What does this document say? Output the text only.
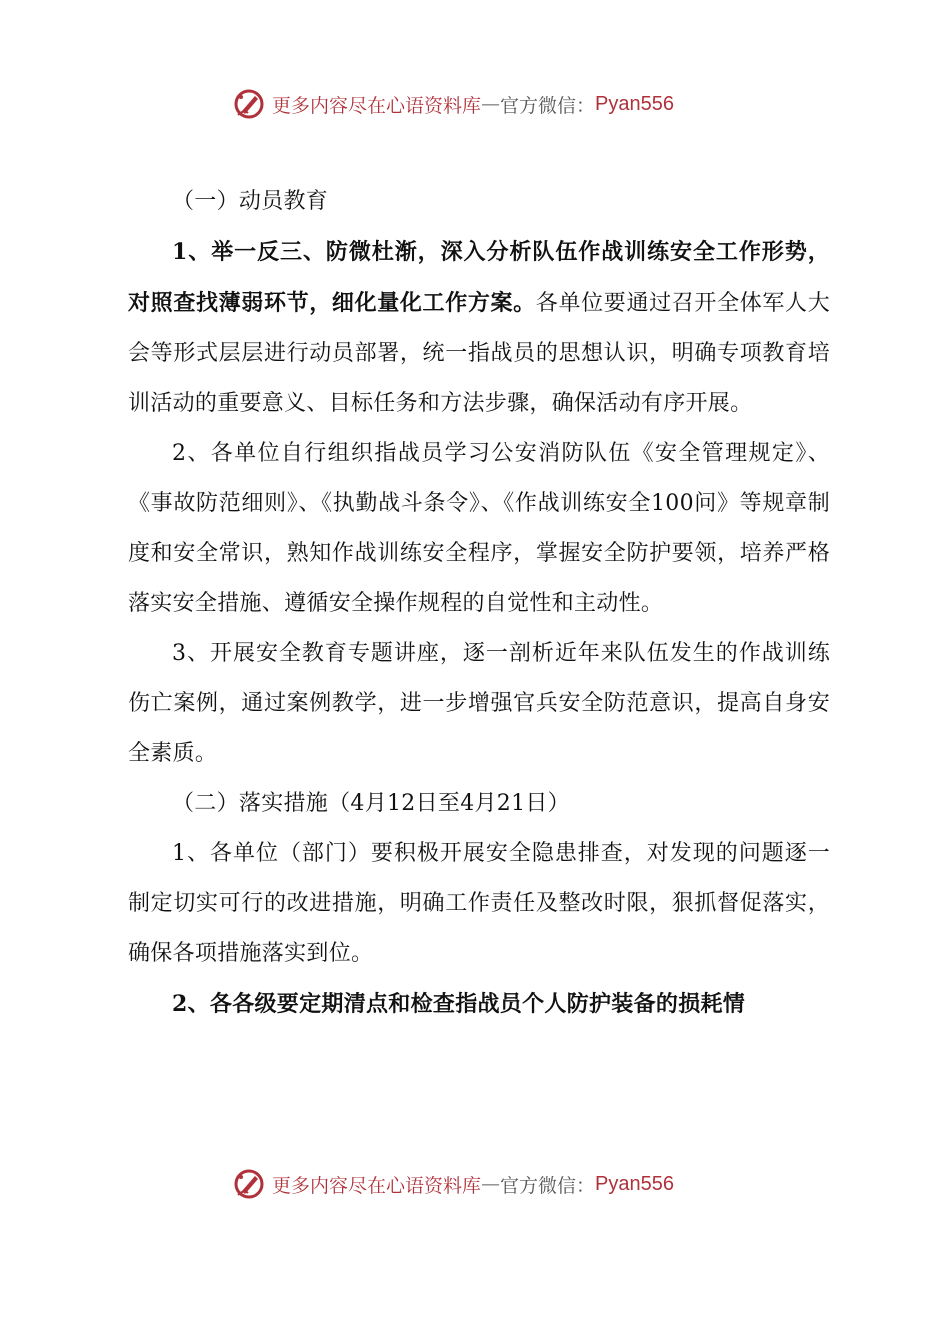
更多内容尽在心语资料库 — 官方微信： Pyan556

（一）动员教育

1、举一反三、防微杜渐，深入分析队伍作战训练安全工作形势，对照查找薄弱环节，细化量化工作方案。各单位要通过召开全体军人大会等形式层层进行动员部署，统一指战员的思想认识，明确专项教育培训活动的重要意义、目标任务和方法步骤，确保活动有序开展。

2、各单位自行组织指战员学习公安消防队伍《安全管理规定》、《事故防范细则》、《执勤战斗条令》、《作战训练安全100问》等规章制度和安全常识，熟知作战训练安全程序，掌握安全防护要领，培养严格落实安全措施、遵循安全操作规程的自觉性和主动性。

3、开展安全教育专题讲座，逐一剖析近年来队伍发生的作战训练伤亡案例，通过案例教学，进一步增强官兵安全防范意识，提高自身安全素质。

（二）落实措施（4月12日至4月21日）

1、各单位（部门）要积极开展安全隐患排查，对发现的问题逐一制定切实可行的改进措施，明确工作责任及整改时限，狠抓督促落实，确保各项措施落实到位。

2、各各级要定期清点和检查指战员个人防护装备的损耗情

更多内容尽在心语资料库 — 官方微信： Pyan556
